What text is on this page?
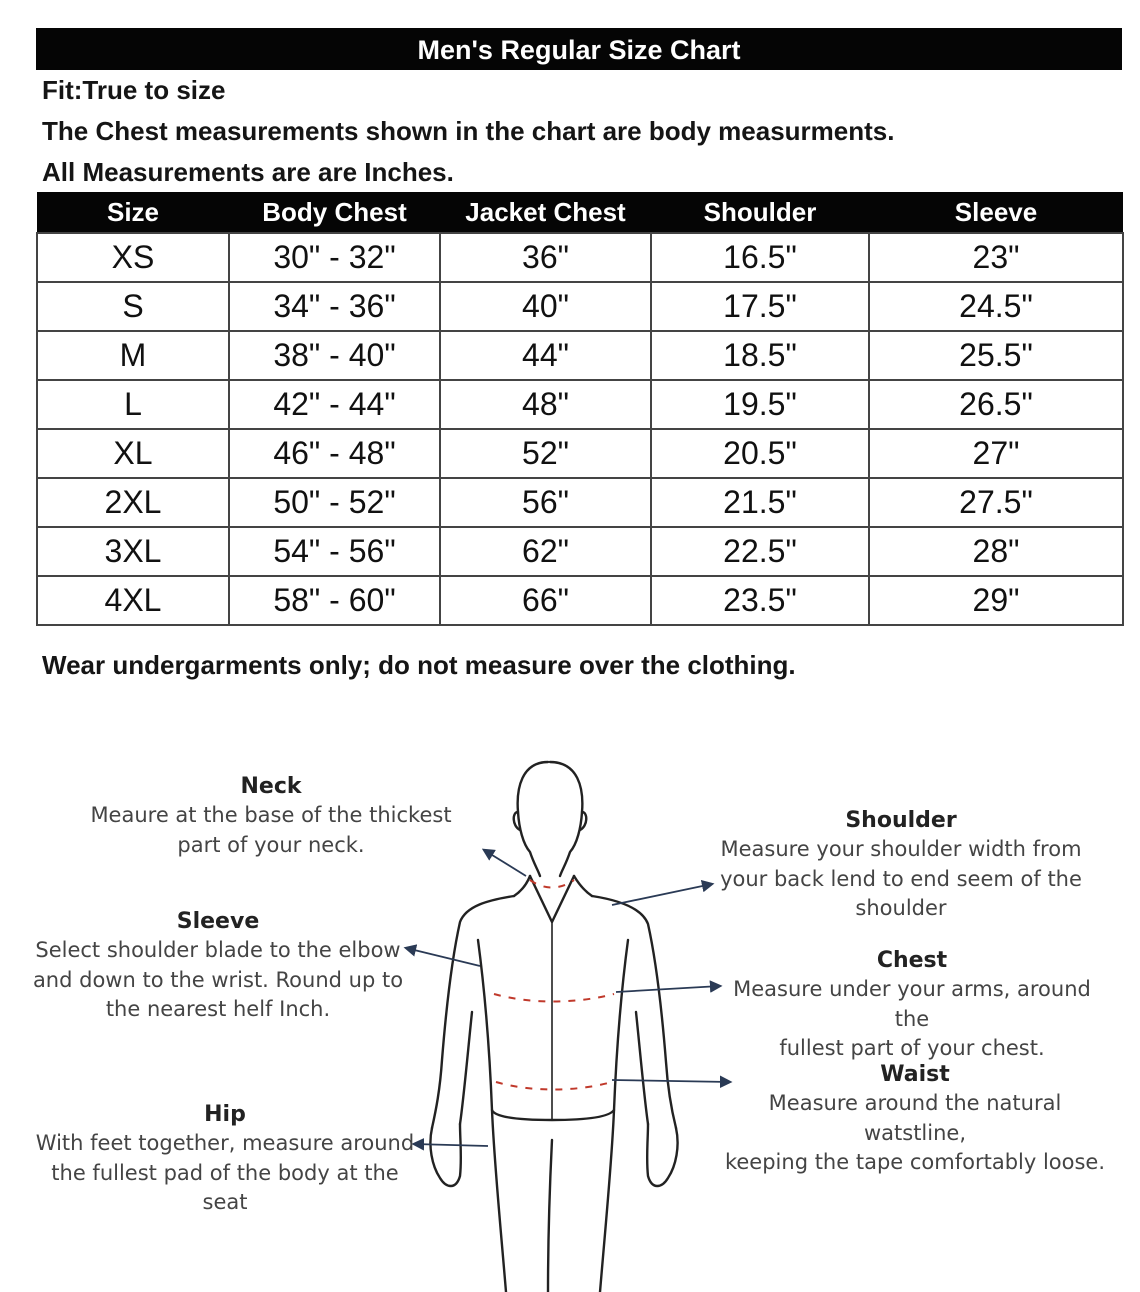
Men's Regular Size Chart
Fit:True to size
The Chest measurements shown in the chart are body measurments.
All Measurements are are Inches.
Size	Body Chest	Jacket Chest	Shoulder	Sleeve
XS	30" - 32"	36"	16.5"	23"
S	34" - 36"	40"	17.5"	24.5"
M	38" - 40"	44"	18.5"	25.5"
L	42" - 44"	48"	19.5"	26.5"
XL	46" - 48"	52"	20.5"	27"
2XL	50" - 52"	56"	21.5"	27.5"
3XL	54" - 56"	62"	22.5"	28"
4XL	58" - 60"	66"	23.5"	29"
Wear undergarments only; do not measure over the clothing.
Neck
Meaure at the base of the thickest
part of your neck.
Sleeve
Select shoulder blade to the elbow
and down to the wrist. Round up to
the nearest helf Inch.
Hip
With feet together, measure around
the fullest pad of the body at the seat
Shoulder
Measure your shoulder width from
your back lend to end seem of the
shoulder
Chest
Measure under your arms, around the
fullest part of your chest.
Waist
Measure around the natural watstline,
keeping the tape comfortably loose.
